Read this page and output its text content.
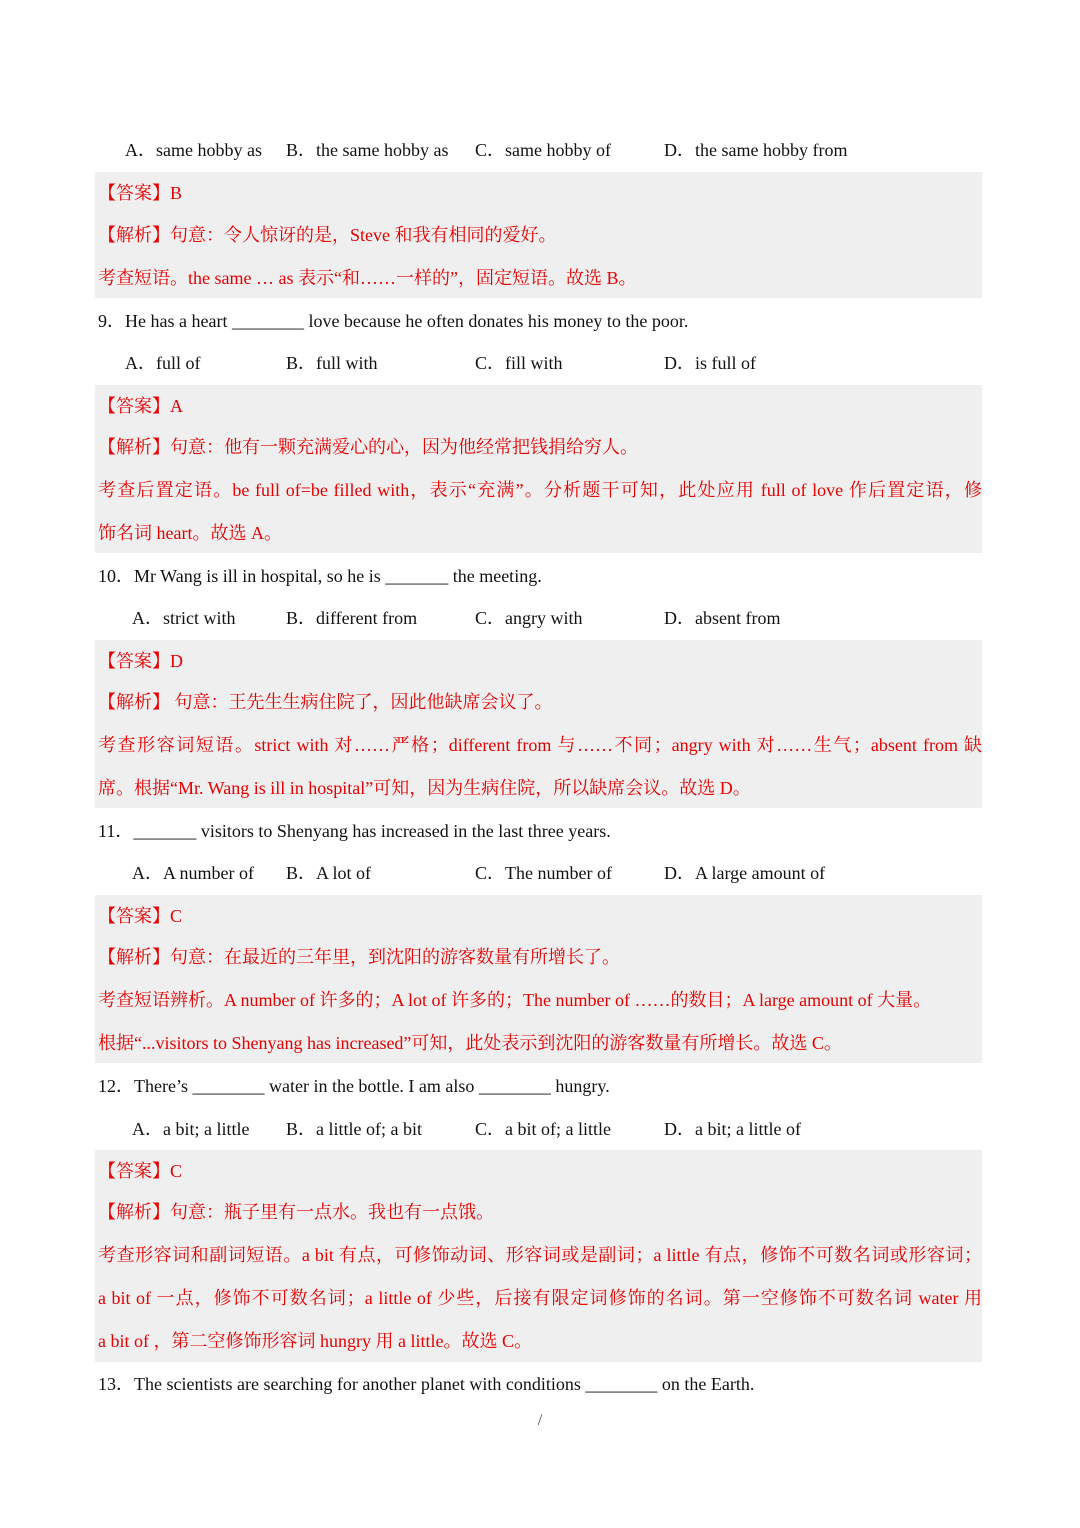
A．same hobby as B．the same hobby as C．same hobby of	D．the same hobby from
【答案】B
【解析】句意：令人惊讶的是，Steve 和我有相同的爱好。
考查短语。the same … as 表示“和……一样的”，固定短语。故选 B。
9．He has a heart ________ love because he often donates his money to the poor.
A．full of	B．full with	C．fill with	D．is full of
【答案】A
【解析】句意：他有一颗充满爱心的心，因为他经常把钱捐给穷人。
考查后置定语。be full of=be filled with，表示“充满”。分析题干可知，此处应用 full of love 作后置定语，修
饰名词 heart。故选 A。
10．Mr Wang is ill in hospital, so he is _______ the meeting.
A．strict with	B．different from	C．angry with	D．absent from
【答案】D
【解析】 句意：王先生生病住院了，因此他缺席会议了。
考查形容词短语。strict with 对……严格；different from 与……不同；angry with 对……生气；absent from 缺
席。根据“Mr. Wang is ill in hospital”可知，因为生病住院，所以缺席会议。故选 D。
11．_______ visitors to Shenyang has increased in the last three years.
A．A number of B．A lot of	C．The number of	D．A large amount of
【答案】C
【解析】句意：在最近的三年里，到沈阳的游客数量有所增长了。
考查短语辨析。A number of 许多的；A lot of 许多的；The number of ……的数目；A large amount of 大量。
根据“...visitors to Shenyang has increased”可知，此处表示到沈阳的游客数量有所增长。故选 C。
12．There’s ________ water in the bottle. I am also ________ hungry.
A．a bit; a little B．a little of; a bit	C．a bit of; a little	D．a bit; a little of
【答案】C
【解析】句意：瓶子里有一点水。我也有一点饿。
考查形容词和副词短语。a bit 有点，可修饰动词、形容词或是副词；a little 有点，修饰不可数名词或形容词；
a bit of 一点，修饰不可数名词；a little of 少些，后接有限定词修饰的名词。第一空修饰不可数名词 water 用
a bit of ，第二空修饰形容词 hungry 用 a little。故选 C。
13．The scientists are searching for another planet with conditions ________ on the Earth.
/
